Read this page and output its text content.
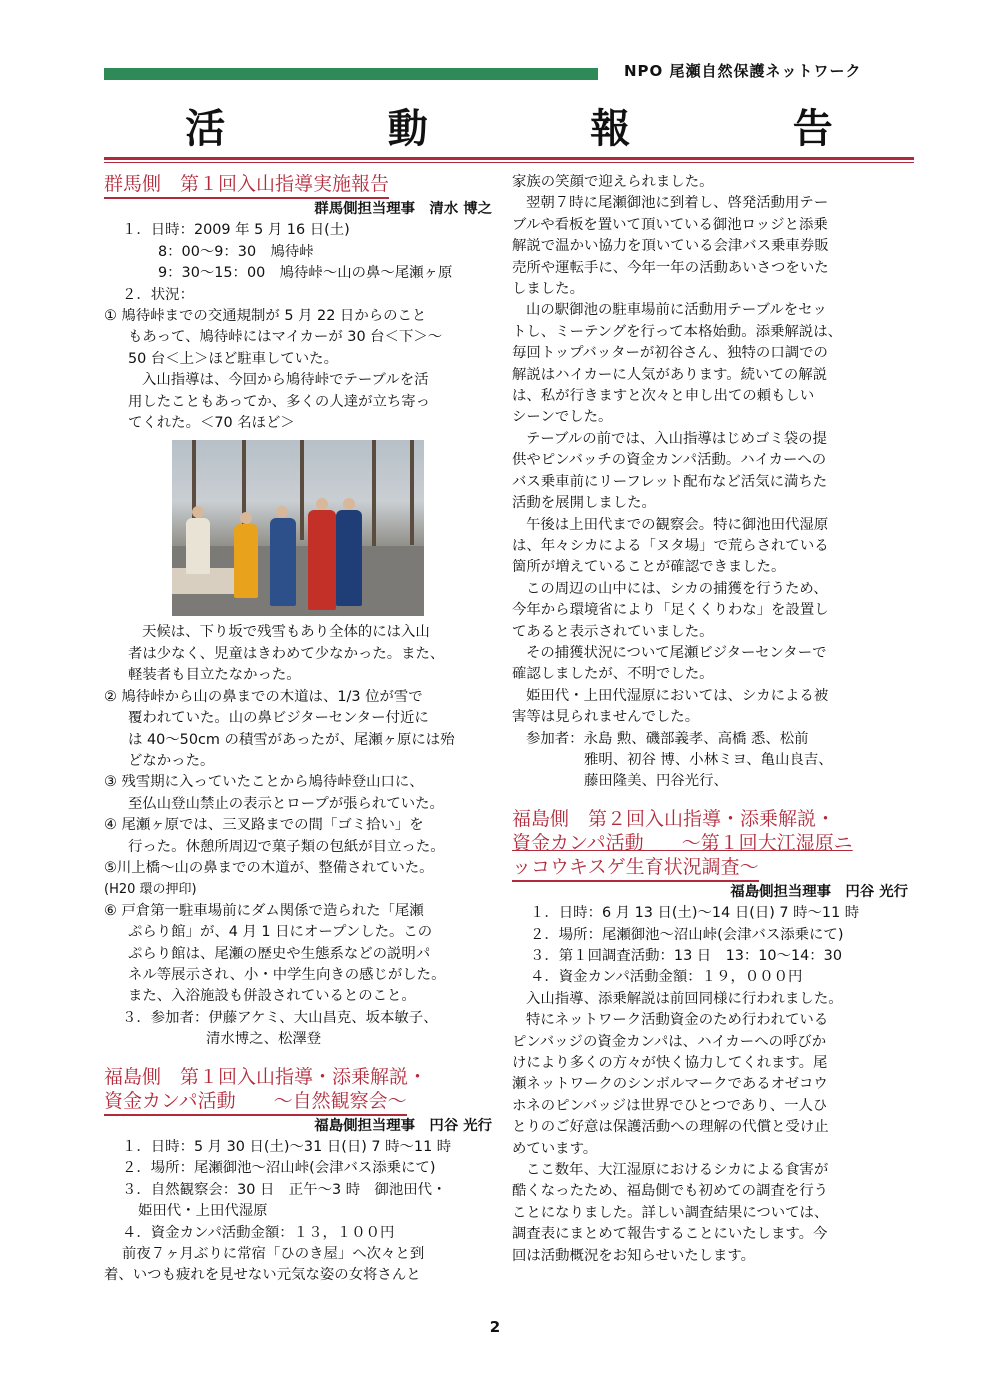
NPO 尾瀬自然保護ネットワーク
活	動	報	告
群馬側　第１回入山指導実施報告
群馬側担当理事　清水 博之
１．日時：2009 年 5 月 16 日(土)
8：00〜9：30　鳩待峠
9：30〜15：00　鳩待峠〜山の鼻〜尾瀬ヶ原
２．状況：
① 鳩待峠までの交通規制が 5 月 22 日からのこと
もあって、鳩待峠にはマイカーが 30 台＜下＞〜
50 台＜上＞ほど駐車していた。
入山指導は、今回から鳩待峠でテーブルを活
用したこともあってか、多くの人達が立ち寄っ
てくれた。＜70 名ほど＞
天候は、下り坂で残雪もあり全体的には入山
者は少なく、児童はきわめて少なかった。また、
軽装者も目立たなかった。
② 鳩待峠から山の鼻までの木道は、1/3 位が雪で
覆われていた。山の鼻ビジターセンター付近に
は 40〜50cm の積雪があったが、尾瀬ヶ原には殆
どなかった。
③ 残雪期に入っていたことから鳩待峠登山口に、
至仏山登山禁止の表示とロープが張られていた。
④ 尾瀬ヶ原では、三叉路までの間「ゴミ拾い」を
行った。休憩所周辺で菓子類の包紙が目立った。
⑤川上橋〜山の鼻までの木道が、整備されていた。
(H20 環の押印)
⑥ 戸倉第一駐車場前にダム関係で造られた「尾瀬
ぷらり館」が、4 月 1 日にオープンした。この
ぷらり館は、尾瀬の歴史や生態系などの説明パ
ネル等展示され、小・中学生向きの感じがした。
また、入浴施設も併設されているとのこと。
３．参加者：伊藤アケミ、大山昌克、坂本敏子、
清水博之、松澤登
福島側　第１回入山指導・添乗解説・
資金カンパ活動　　〜自然観察会〜
福島側担当理事　円谷 光行
１．日時：5 月 30 日(土)〜31 日(日) 7 時〜11 時
２．場所：尾瀬御池〜沼山峠(会津バス添乗にて)
３．自然観察会：30 日　正午〜3 時　御池田代・
姫田代・上田代湿原
４．資金カンパ活動金額：１３，１００円
前夜７ヶ月ぶりに常宿「ひのき屋」へ次々と到
着、いつも疲れを見せない元気な姿の女将さんと
家族の笑顔で迎えられました。
翌朝７時に尾瀬御池に到着し、啓発活動用テー
ブルや看板を置いて頂いている御池ロッジと添乗
解説で温かい協力を頂いている会津バス乗車券販
売所や運転手に、今年一年の活動あいさつをいた
しました。
山の駅御池の駐車場前に活動用テーブルをセッ
トし、ミーテングを行って本格始動。添乗解説は、
毎回トップバッターが初谷さん、独特の口調での
解説はハイカーに人気があります。続いての解説
は、私が行きますと次々と申し出ての頼もしい
シーンでした。
テーブルの前では、入山指導はじめゴミ袋の提
供やピンバッチの資金カンパ活動。ハイカーへの
バス乗車前にリーフレット配布など活気に満ちた
活動を展開しました。
午後は上田代までの観察会。特に御池田代湿原
は、年々シカによる「ヌタ場」で荒らされている
箇所が増えていることが確認できました。
この周辺の山中には、シカの捕獲を行うため、
今年から環境省により「足くくりわな」を設置し
てあると表示されていました。
その捕獲状況について尾瀬ビジターセンターで
確認しましたが、不明でした。
姫田代・上田代湿原においては、シカによる被
害等は見られませんでした。
参加者：永島 勲、磯部義孝、高橋 悉、松前
雅明、初谷 博、小林ミヨ、亀山良吉、
藤田隆美、円谷光行、
福島側　第２回入山指導・添乗解説・
資金カンパ活動　　〜第１回大江湿原ニ
ッコウキスゲ生育状況調査〜
福島側担当理事　円谷 光行
１．日時：6 月 13 日(土)〜14 日(日) 7 時〜11 時
２．場所：尾瀬御池〜沼山峠(会津バス添乗にて)
３．第１回調査活動：13 日　13：10〜14：30
４．資金カンパ活動金額：１９，０００円
入山指導、添乗解説は前回同様に行われました。
特にネットワーク活動資金のため行われている
ピンバッジの資金カンパは、ハイカーへの呼びか
けにより多くの方々が快く協力してくれます。尾
瀬ネットワークのシンボルマークであるオゼコウ
ホネのピンバッジは世界でひとつであり、一人ひ
とりのご好意は保護活動への理解の代償と受け止
めています。
ここ数年、大江湿原におけるシカによる食害が
酷くなったため、福島側でも初めての調査を行う
ことになりました。詳しい調査結果については、
調査表にまとめて報告することにいたします。今
回は活動概況をお知らせいたします。
2
